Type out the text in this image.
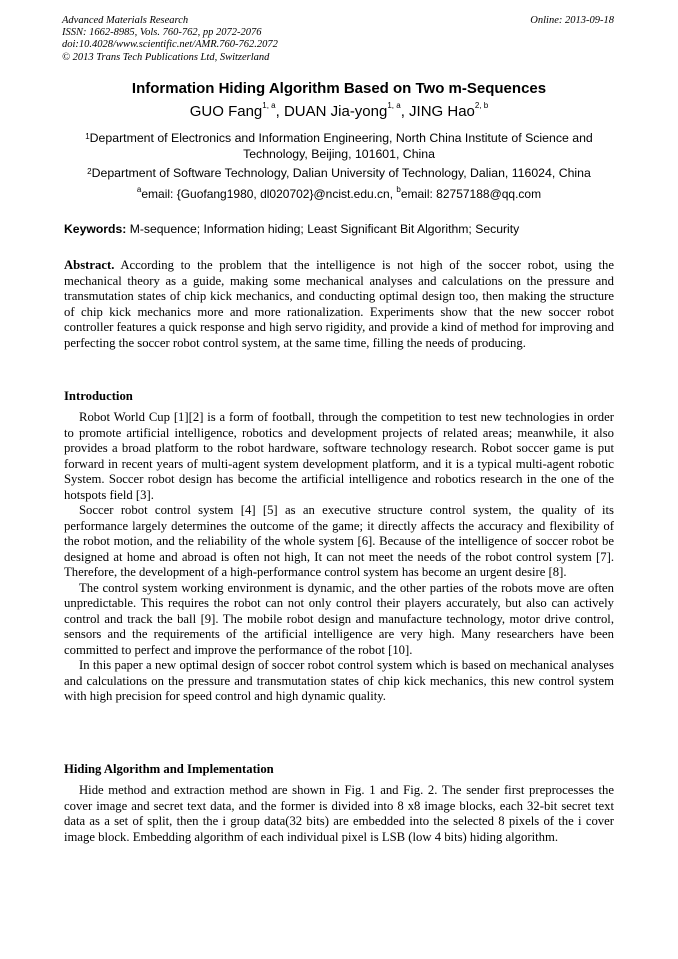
Advanced Materials Research
ISSN: 1662-8985, Vols. 760-762, pp 2072-2076
doi:10.4028/www.scientific.net/AMR.760-762.2072
© 2013 Trans Tech Publications Ltd, Switzerland
Online: 2013-09-18
Information Hiding Algorithm Based on Two m-Sequences
GUO Fang$^{1, a}$, DUAN Jia-yong$^{1, a}$, JING Hao$^{2, b}$
$^1$Department of Electronics and Information Engineering, North China Institute of Science and Technology, Beijing, 101601, China
$^2$Department of Software Technology, Dalian University of Technology, Dalian, 116024, China
$^a$email: {Guofang1980, dl020702}@ncist.edu.cn, $^b$email: 82757188@qq.com
Keywords: M-sequence; Information hiding; Least Significant Bit Algorithm; Security

Abstract. According to the problem that the intelligence is not high of the soccer robot, using the mechanical theory as a guide, making some mechanical analyses and calculations on the pressure and transmutation states of chip kick mechanics, and conducting optimal design too, then making the structure of chip kick mechanics more and more rationalization. Experiments show that the new soccer robot controller features a quick response and high servo rigidity, and provide a kind of method for improving and perfecting the soccer robot control system, at the same time, filling the needs of producing.

Introduction

Robot World Cup [1][2] is a form of football, through the competition to test new technologies in order to promote artificial intelligence, robotics and development projects of related areas; meanwhile, it also provides a broad platform to the robot hardware, software technology research. Robot soccer game is put forward in recent years of multi-agent system development platform, and it is a typical multi-agent robotic System. Soccer robot design has become the artificial intelligence and robotics research in the one of the hotspots field [3].

Soccer robot control system [4] [5] as an executive structure control system, the quality of its performance largely determines the outcome of the game; it directly affects the accuracy and flexibility of the robot motion, and the reliability of the whole system [6]. Because of the intelligence of soccer robot be designed at home and abroad is often not high, It can not meet the needs of the robot control system [7]. Therefore, the development of a high-performance control system has become an urgent desire [8].

The control system working environment is dynamic, and the other parties of the robots move are often unpredictable. This requires the robot can not only control their players accurately, but also can actively control and track the ball [9]. The mobile robot design and manufacture technology, motor drive control, sensors and the requirements of the artificial intelligence are very high. Many researchers have been committed to perfect and improve the performance of the robot [10].

In this paper a new optimal design of soccer robot control system which is based on mechanical analyses and calculations on the pressure and transmutation states of chip kick mechanics, this new control system with high precision for speed control and high dynamic quality.

Hiding Algorithm and Implementation

Hide method and extraction method are shown in Fig. 1 and Fig. 2. The sender first preprocesses the cover image and secret text data, and the former is divided into 8 x8 image blocks, each 32-bit secret text data as a set of split, then the i group data(32 bits) are embedded into the selected 8 pixels of the i cover image block. Embedding algorithm of each individual pixel is LSB (low 4 bits) hiding algorithm.
